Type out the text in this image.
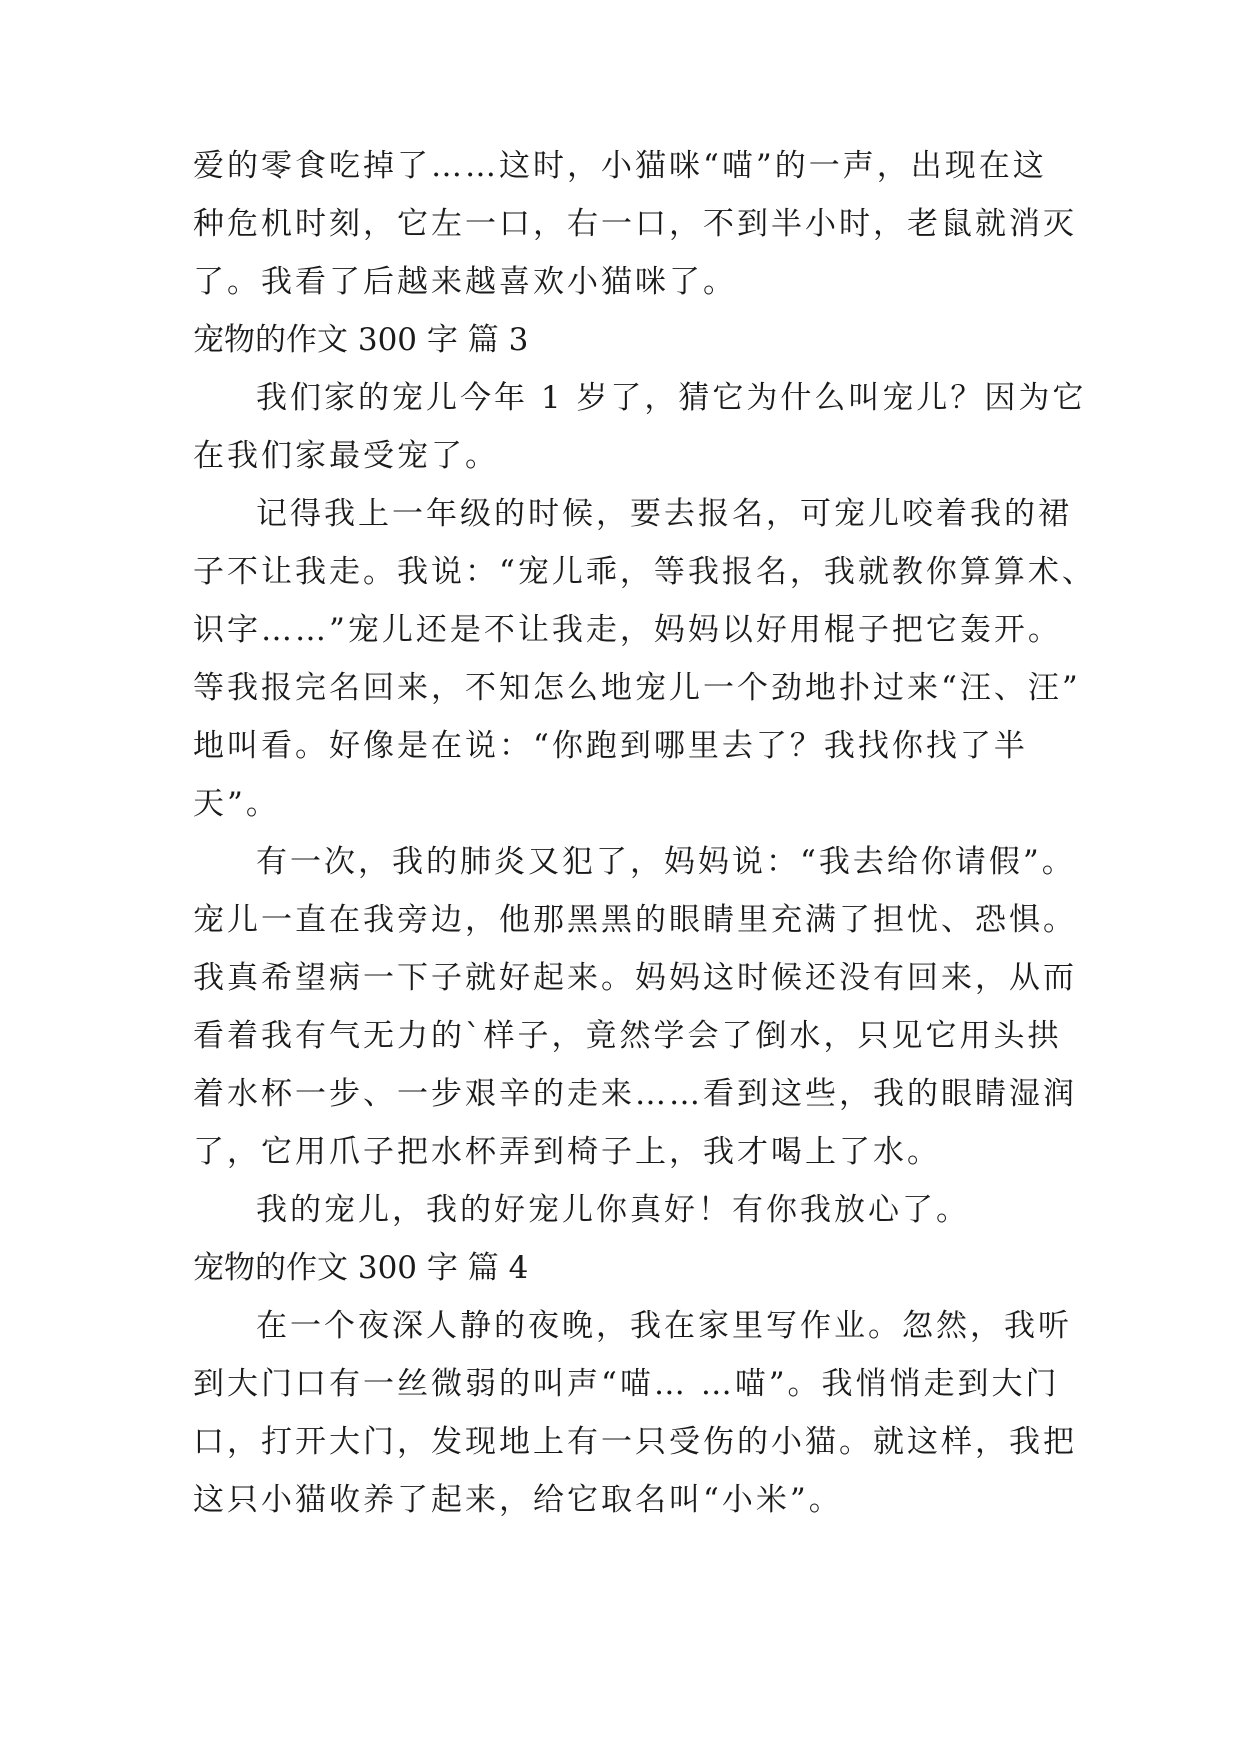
爱的零食吃掉了……这时，小猫咪“喵”的一声，出现在这
种危机时刻，它左一口，右一口，不到半小时，老鼠就消灭
了。我看了后越来越喜欢小猫咪了。
宠物的作文 300 字 篇 3
我们家的宠儿今年 1 岁了，猜它为什么叫宠儿？因为它
在我们家最受宠了。
记得我上一年级的时候，要去报名，可宠儿咬着我的裙
子不让我走。我说：“宠儿乖，等我报名，我就教你算算术、
识字……”宠儿还是不让我走，妈妈以好用棍子把它轰开。
等我报完名回来，不知怎么地宠儿一个劲地扑过来“汪、汪”
地叫看。好像是在说：“你跑到哪里去了？我找你找了半
天”。
有一次，我的肺炎又犯了，妈妈说：“我去给你请假”。
宠儿一直在我旁边，他那黑黑的眼睛里充满了担忧、恐惧。
我真希望病一下子就好起来。妈妈这时候还没有回来，从而
看着我有气无力的`样子，竟然学会了倒水，只见它用头拱
着水杯一步、一步艰辛的走来……看到这些，我的眼睛湿润
了，它用爪子把水杯弄到椅子上，我才喝上了水。
我的宠儿，我的好宠儿你真好！有你我放心了。
宠物的作文 300 字 篇 4
在一个夜深人静的夜晚，我在家里写作业。忽然，我听
到大门口有一丝微弱的叫声“喵… …喵”。我悄悄走到大门
口，打开大门，发现地上有一只受伤的小猫。就这样，我把
这只小猫收养了起来，给它取名叫“小米”。
